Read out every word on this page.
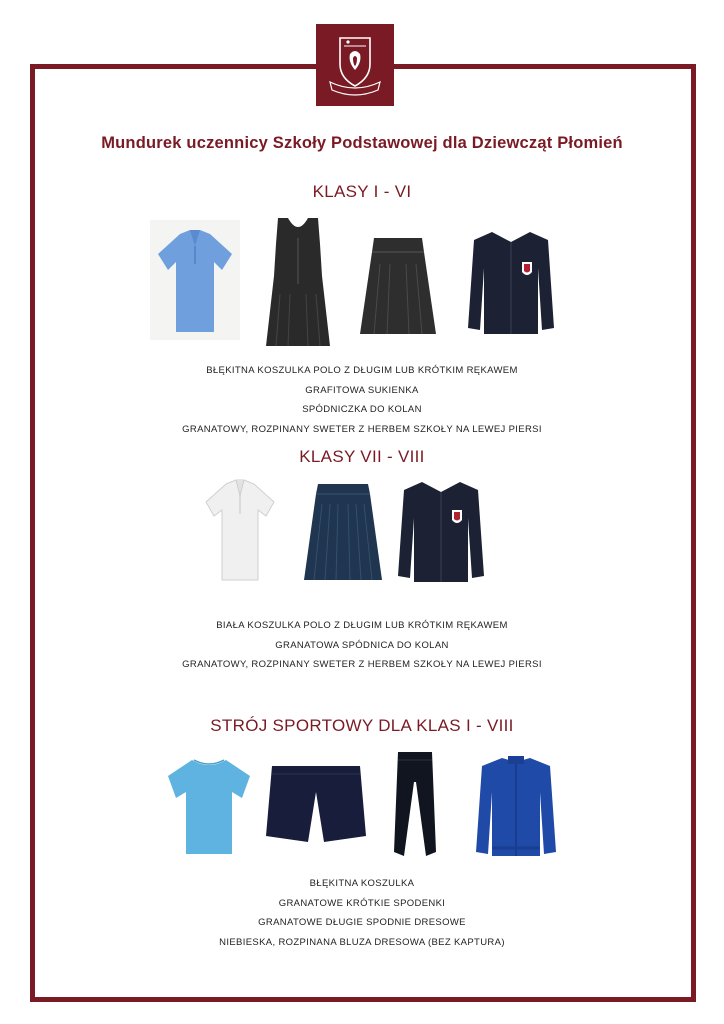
Mundurek uczennicy Szkoły Podstawowej dla Dziewcząt Płomień
KLASY I - VI
BŁĘKITNA KOSZULKA POLO Z DŁUGIM LUB KRÓTKIM RĘKAWEM
GRAFITOWA SUKIENKA
SPÓDNICZKA DO KOLAN
GRANATOWY, ROZPINANY SWETER Z HERBEM SZKOŁY NA LEWEJ PIERSI
KLASY VII - VIII
BIAŁA KOSZULKA POLO Z DŁUGIM LUB KRÓTKIM RĘKAWEM
GRANATOWA SPÓDNICA DO KOLAN
GRANATOWY, ROZPINANY SWETER Z HERBEM SZKOŁY NA LEWEJ PIERSI
STRÓJ SPORTOWY DLA KLAS I - VIII
BŁĘKITNA KOSZULKA
GRANATOWE KRÓTKIE SPODENKI
GRANATOWE DŁUGIE SPODNIE DRESOWE
NIEBIESKA, ROZPINANA BLUZA DRESOWA (BEZ KAPTURA)
